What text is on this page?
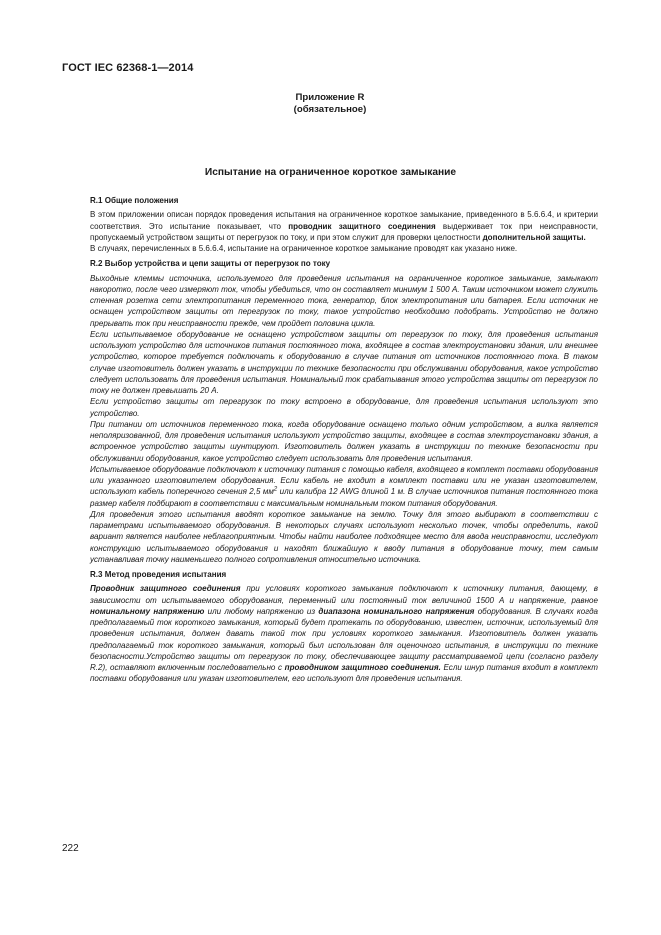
ГОСТ IEC 62368-1—2014
Приложение R
(обязательное)
Испытание на ограниченное короткое замыкание
R.1 Общие положения

В этом приложении описан порядок проведения испытания на ограниченное короткое замыкание, приведенного в 5.6.6.4, и критерии соответствия. Это испытание показывает, что проводник защитного соединения выдерживает ток при неисправности, пропускаемый устройством защиты от перегрузок по току, и при этом служит для проверки целостности дополнительной защиты.

В случаях, перечисленных в 5.6.6.4, испытание на ограниченное короткое замыкание проводят как указано ниже.

R.2 Выбор устройства и цепи защиты от перегрузок по току

Выходные клеммы источника, используемого для проведения испытания на ограниченное короткое замыкание, замыкают накоротко, после чего измеряют ток, чтобы убедиться, что он составляет минимум 1 500 А. Таким источником может служить стенная розетка сети электропитания переменного тока, генератор, блок электропитания или батарея. Если источник не оснащен устройством защиты от перегрузок по току, такое устройство необходимо подобрать. Устройство не должно прерывать ток при неисправности прежде, чем пройдет половина цикла.

Если испытываемое оборудование не оснащено устройством защиты от перегрузок по току, для проведения испытания используют устройство для источников питания постоянного тока, входящее в состав электроустановки здания, или внешнее устройство, которое требуется подключать к оборудованию в случае питания от источников постоянного тока. В таком случае изготовитель должен указать в инструкции по технике безопасности при обслуживании оборудования, какое устройство следует использовать для проведения испытания. Номинальный ток срабатывания этого устройства защиты от перегрузок по току не должен превышать 20 А.

Если устройство защиты от перегрузок по току встроено в оборудование, для проведения испытания используют это устройство.

При питании от источников переменного тока, когда оборудование оснащено только одним устройством, а вилка является неполяризованной, для проведения испытания используют устройство защиты, входящее в состав электроустановки здания, а встроенное устройство защиты шунтируют. Изготовитель должен указать в инструкции по технике безопасности при обслуживании оборудования, какое устройство следует использовать для проведения испытания.

Испытываемое оборудование подключают к источнику питания с помощью кабеля, входящего в комплект поставки оборудования или указанного изготовителем оборудования. Если кабель не входит в комплект поставки или не указан изготовителем, используют кабель поперечного сечения 2,5 $мм^2$ или калибра 12 AWG длиной 1 м. В случае источников питания постоянного тока размер кабеля подбирают в соответствии с максимальным номинальным током питания оборудования.

Для проведения этого испытания вводят короткое замыкание на землю. Точку для этого выбирают в соответствии с параметрами испытываемого оборудования. В некоторых случаях используют несколько точек, чтобы определить, какой вариант является наиболее неблагоприятным. Чтобы найти наиболее подходящее место для ввода неисправности, исследуют конструкцию испытываемого оборудования и находят ближайшую к вводу питания в оборудование точку, тем самым устанавливая точку наименьшего полного сопротивления относительно источника.

R.3 Метод проведения испытания

Проводник защитного соединения при условиях короткого замыкания подключают к источнику питания, дающему, в зависимости от испытываемого оборудования, переменный или постоянный ток величиной 1500 А и напряжение, равное номинальному напряжению или любому напряжению из диапазона номинального напряжения оборудования. В случаях когда предполагаемый ток короткого замыкания, который будет протекать по оборудованию, известен, источник, используемый для проведения испытания, должен давать такой ток при условиях короткого замыкания. Изготовитель должен указать предполагаемый ток короткого замыкания, который был использован для оценочного испытания, в инструкции по технике безопасности.Устройство защиты от перегрузок по току, обеспечивающее защиту рассматриваемой цепи (согласно разделу R.2), оставляют включенным последовательно с проводником защитного соединения. Если шнур питания входит в комплект поставки оборудования или указан изготовителем, его используют для проведения испытания.

222
